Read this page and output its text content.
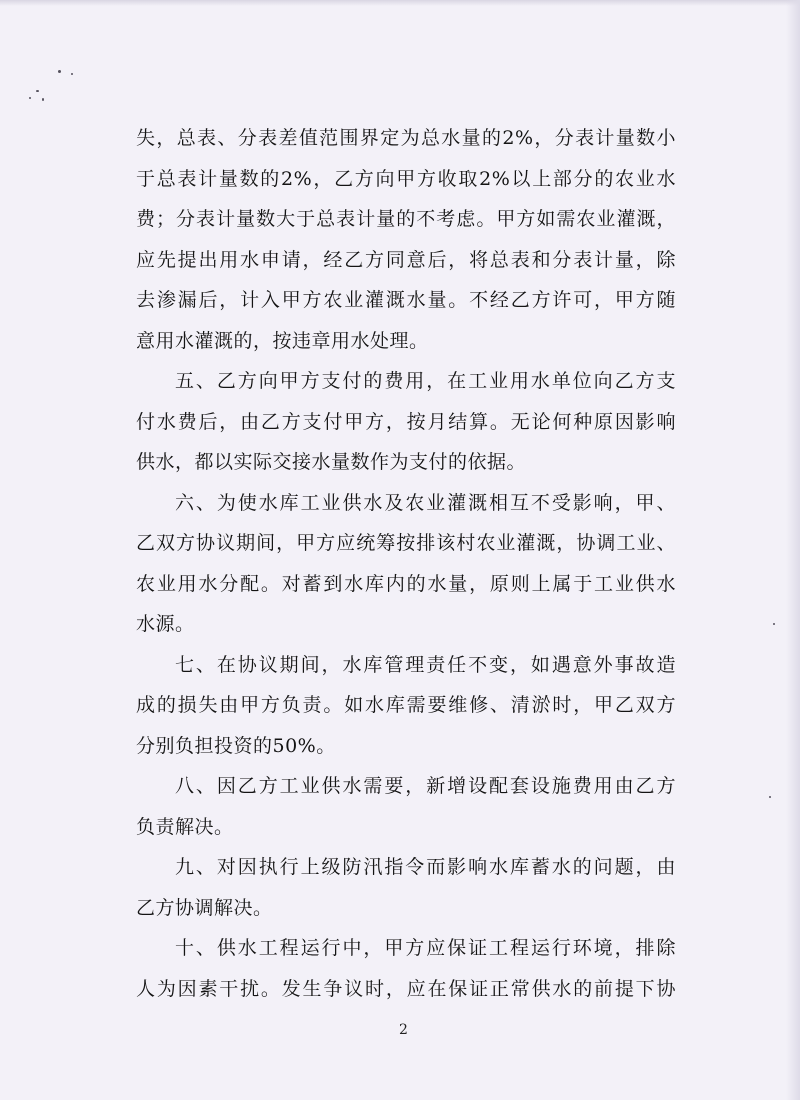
失，总表、分表差值范围界定为总水量的2%，分表计量数小
于总表计量数的2%，乙方向甲方收取2%以上部分的农业水
费；分表计量数大于总表计量的不考虑。甲方如需农业灌溉，
应先提出用水申请，经乙方同意后，将总表和分表计量，除
去渗漏后，计入甲方农业灌溉水量。不经乙方许可，甲方随
意用水灌溉的，按违章用水处理。
五、乙方向甲方支付的费用，在工业用水单位向乙方支
付水费后，由乙方支付甲方，按月结算。无论何种原因影响
供水，都以实际交接水量数作为支付的依据。
六、为使水库工业供水及农业灌溉相互不受影响，甲、
乙双方协议期间，甲方应统筹按排该村农业灌溉，协调工业、
农业用水分配。对蓄到水库内的水量，原则上属于工业供水
水源。
七、在协议期间，水库管理责任不变，如遇意外事故造
成的损失由甲方负责。如水库需要维修、清淤时，甲乙双方
分别负担投资的50%。
八、因乙方工业供水需要，新增设配套设施费用由乙方
负责解决。
九、对因执行上级防汛指令而影响水库蓄水的问题，由
乙方协调解决。
十、供水工程运行中，甲方应保证工程运行环境，排除
人为因素干扰。发生争议时，应在保证正常供水的前提下协
2
